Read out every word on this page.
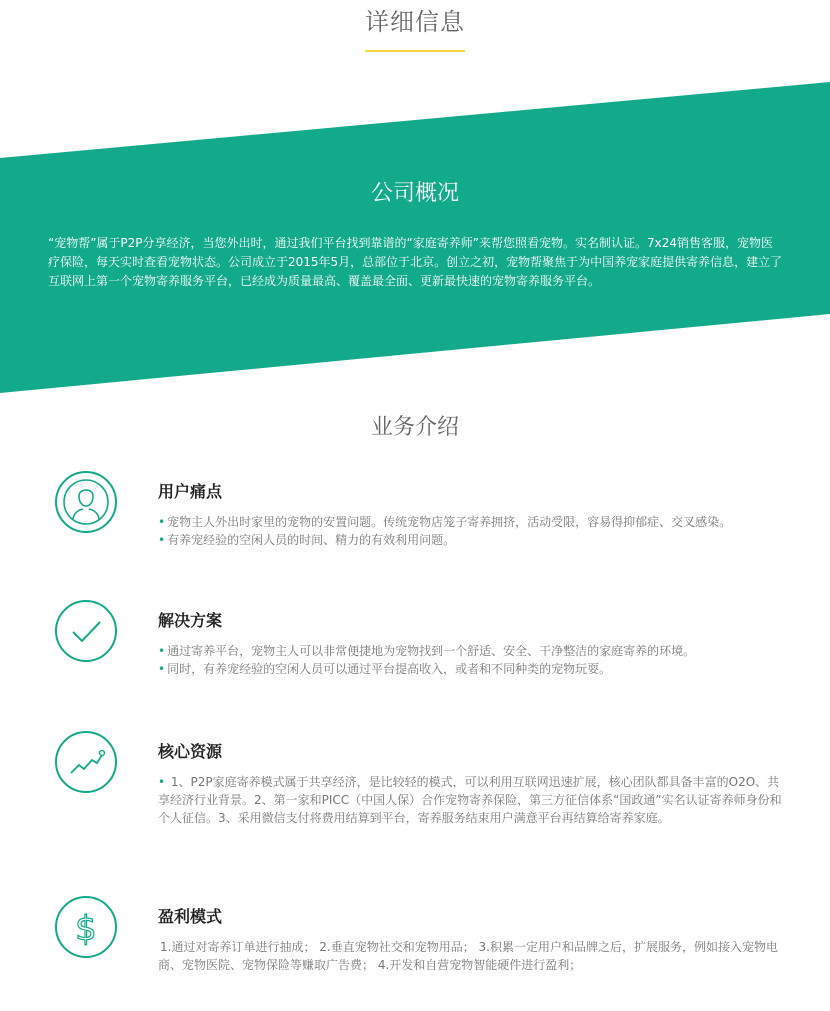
详细信息
公司概况
“宠物帮”属于P2P分享经济，当您外出时，通过我们平台找到靠谱的“家庭寄养师”来帮您照看宠物。实名制认证。7x24销售客服，宠物医疗保险，每天实时查看宠物状态。公司成立于2015年5月，总部位于北京。创立之初，宠物帮聚焦于为中国养宠家庭提供寄养信息，建立了互联网上第一个宠物寄养服务平台，已经成为质量最高、覆盖最全面、更新最快速的宠物寄养服务平台。
业务介绍
用户痛点
• 宠物主人外出时家里的宠物的安置问题。传统宠物店笼子寄养拥挤，活动受限，容易得抑郁症、交叉感染。
• 有养宠经验的空闲人员的时间、精力的有效利用问题。
解决方案
• 通过寄养平台，宠物主人可以非常便捷地为宠物找到一个舒适、安全、干净整洁的家庭寄养的环境。
• 同时，有养宠经验的空闲人员可以通过平台提高收入，或者和不同种类的宠物玩耍。
核心资源
• 1、P2P家庭寄养模式属于共享经济，是比较轻的模式，可以利用互联网迅速扩展，核心团队都具备丰富的O2O、共享经济行业背景。2、第一家和PICC（中国人保）合作宠物寄养保险，第三方征信体系“国政通”实名认证寄养师身份和个人征信。3、采用微信支付将费用结算到平台，寄养服务结束用户满意平台再结算给寄养家庭。
$	盈利模式
1.通过对寄养订单进行抽成； 2.垂直宠物社交和宠物用品； 3.积累一定用户和品牌之后，扩展服务，例如接入宠物电商、宠物医院、宠物保险等赚取广告费； 4.开发和自营宠物智能硬件进行盈利；
